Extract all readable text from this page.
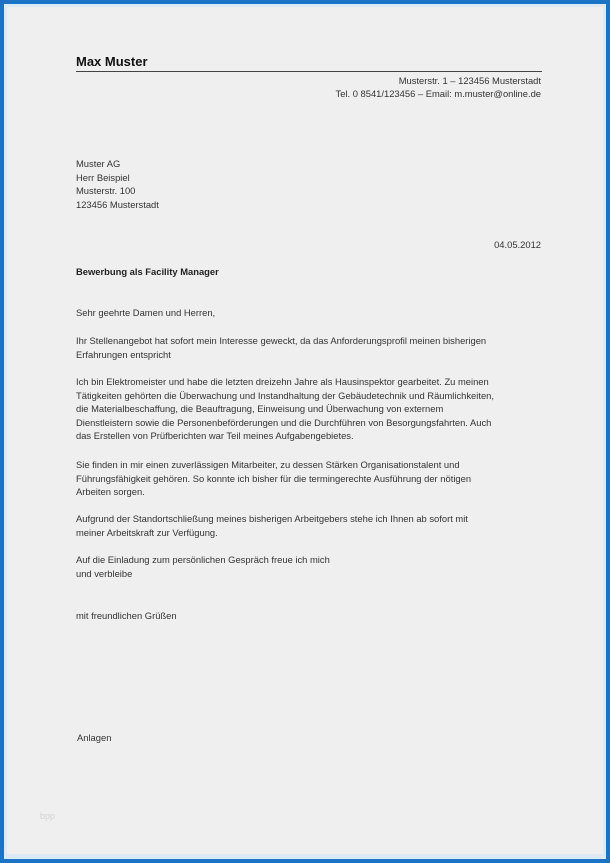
Max Muster
Musterstr. 1 – 123456 Musterstadt
Tel. 0 8541/123456 – Email: m.muster@online.de
Muster AG
Herr Beispiel
Musterstr. 100
123456 Musterstadt
04.05.2012
Bewerbung als Facility Manager
Sehr geehrte Damen und Herren,
Ihr Stellenangebot hat sofort mein Interesse geweckt, da das Anforderungsprofil meinen bisherigen
Erfahrungen entspricht
Ich bin Elektromeister und habe die letzten dreizehn Jahre als Hausinspektor gearbeitet. Zu meinen
Tätigkeiten gehörten die Überwachung und Instandhaltung der Gebäudetechnik und Räumlichkeiten,
die Materialbeschaffung, die Beauftragung, Einweisung und Überwachung von externem
Dienstleistern sowie die Personenbeförderungen und die Durchführen von Besorgungsfahrten. Auch
das Erstellen von Prüfberichten war Teil meines Aufgabengebietes.
Sie finden in mir einen zuverlässigen Mitarbeiter, zu dessen Stärken Organisationstalent und
Führungsfähigkeit gehören. So konnte ich bisher für die termingerechte Ausführung der nötigen
Arbeiten sorgen.
Aufgrund der Standortschließung meines bisherigen Arbeitgebers stehe ich Ihnen ab sofort mit
meiner Arbeitskraft zur Verfügung.
Auf die Einladung zum persönlichen Gespräch freue ich mich
und verbleibe
mit freundlichen Grüßen
Anlagen
bpp
